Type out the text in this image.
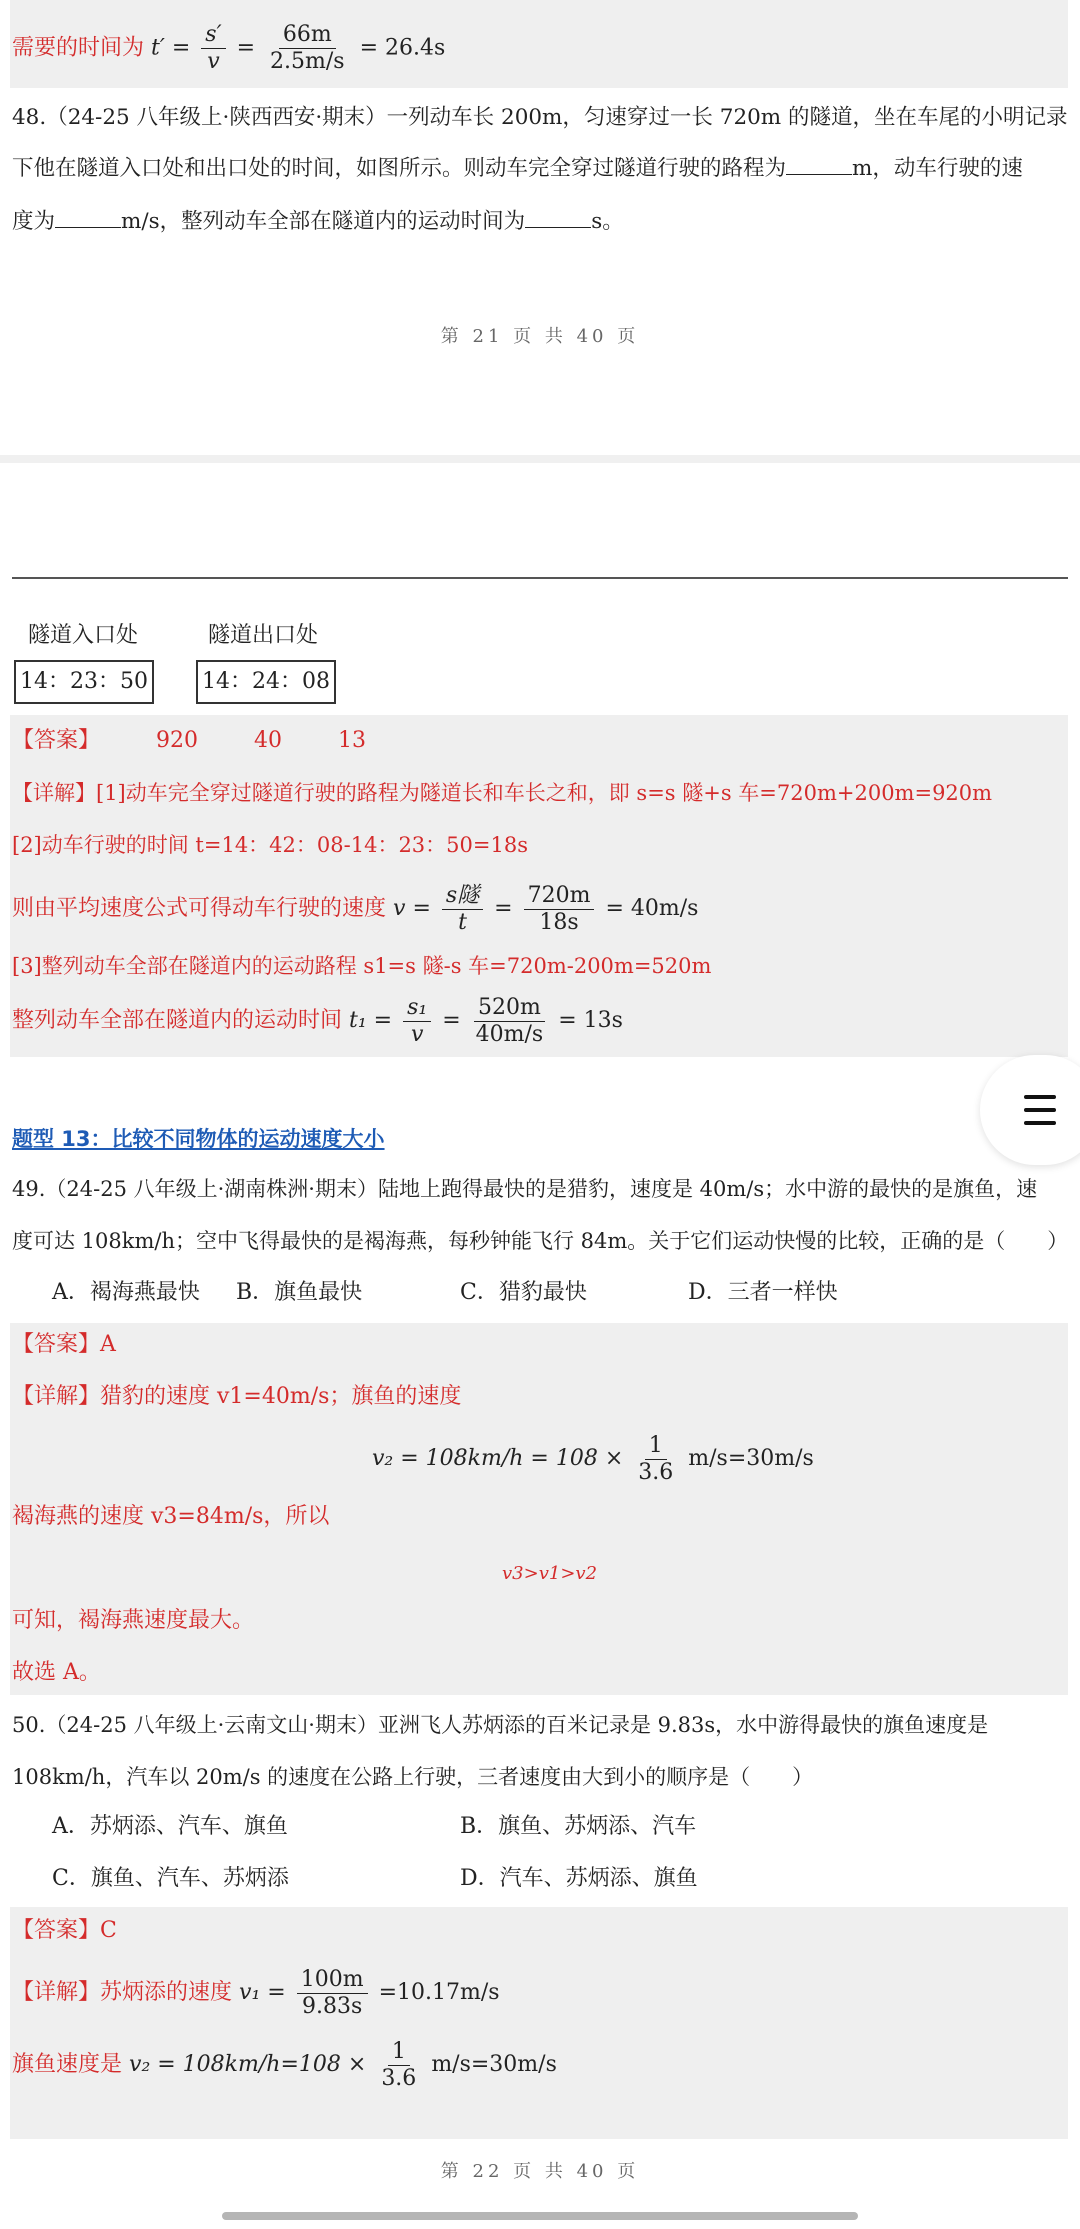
需要的时间为 $t' = \frac{s'}{v} = \frac{66m}{2.5m/s} = 26.4s$
48.（24-25 八年级上·陕西西安·期末）一列动车长 200m，匀速穿过一长 720m 的隧道，坐在车尾的小明记录
下他在隧道入口处和出口处的时间，如图所示。则动车完全穿过隧道行驶的路程为	m，动车行驶的速
度为	m/s，整列动车全部在隧道内的运动时间为	s。
第 21 页 共 40 页
隧道入口处	隧道出口处
14：23：50 14：24：08
【答案】	920	40	13
【详解】[1]动车完全穿过隧道行驶的路程为隧道长和车长之和，即 s=s 隧+s 车=720m+200m=920m
[2]动车行驶的时间 t=14：42：08-14：23：50=18s
则由平均速度公式可得动车行驶的速度 $v = \frac{\text{s隧}}{t} = \frac{720m}{18s} = 40m/s$
[3]整列动车全部在隧道内的运动路程 s1=s 隧-s 车=720m-200m=520m
整列动车全部在隧道内的运动时间 $t_1 = \frac{\text{s₁}}{v} = \frac{520m}{40m/s} = 13s$
题型 13：比较不同物体的运动速度大小
49.（24-25 八年级上·湖南株洲·期末）陆地上跑得最快的是猎豹，速度是 40m/s；水中游的最快的是旗鱼，速
度可达 108km/h；空中飞得最快的是褐海燕，每秒钟能飞行 84m。关于它们运动快慢的比较，正确的是（　　）
A．褐海燕最快 B．旗鱼最快	C．猎豹最快	D．三者一样快
【答案】A
【详解】猎豹的速度 v1=40m/s；旗鱼的速度
$v_2 = 108km/h = 108 \times \frac{1}{3.6} m/s=30m/s$
褐海燕的速度 v3=84m/s，所以
v3>v1>v2
可知，褐海燕速度最大。
故选 A。
50.（24-25 八年级上·云南文山·期末）亚洲飞人苏炳添的百米记录是 9.83s，水中游得最快的旗鱼速度是
108km/h，汽车以 20m/s 的速度在公路上行驶，三者速度由大到小的顺序是（　　）
A．苏炳添、汽车、旗鱼	B．旗鱼、苏炳添、汽车
C．旗鱼、汽车、苏炳添	D．汽车、苏炳添、旗鱼
【答案】C
【详解】苏炳添的速度 $v_1 = \frac{100m}{9.83s} =10.17m/s$
旗鱼速度是 $v_2 = 108km/h=108 \times \frac{1}{3.6} m/s=30m/s$
第 22 页 共 40 页
